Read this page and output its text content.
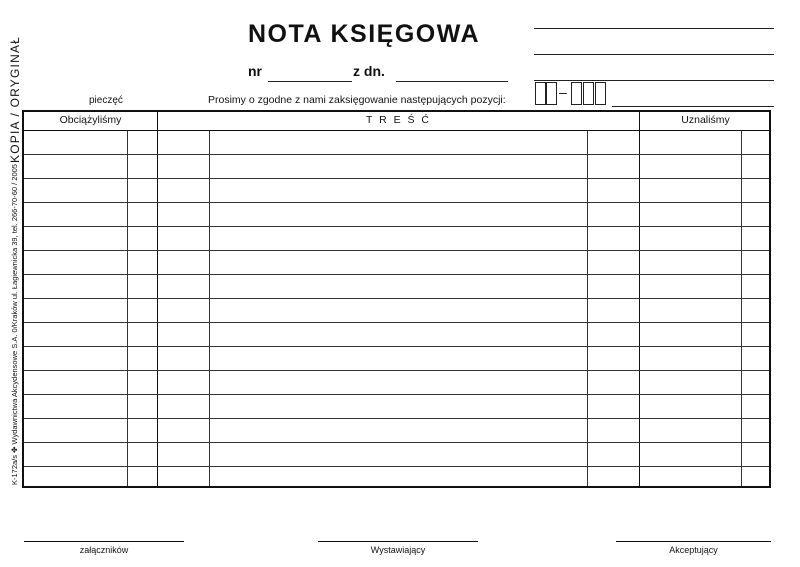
NOTA KSIĘGOWA
nr	z dn.
–
pieczęć	Prosimy o zgodne z nami zaksięgowanie następujących pozycji:
KOPIA / ORYGINAŁ
K-172a/s ✤ Wydawnictwa Akcydensowe S.A. 0/Kraków ul. Łagiewnicka 39, tel. 266-70-60 / 2005
Obciążyliśmy	T R E Ś Ć	Uznaliśmy
załączników	Wystawiający	Akceptujący
